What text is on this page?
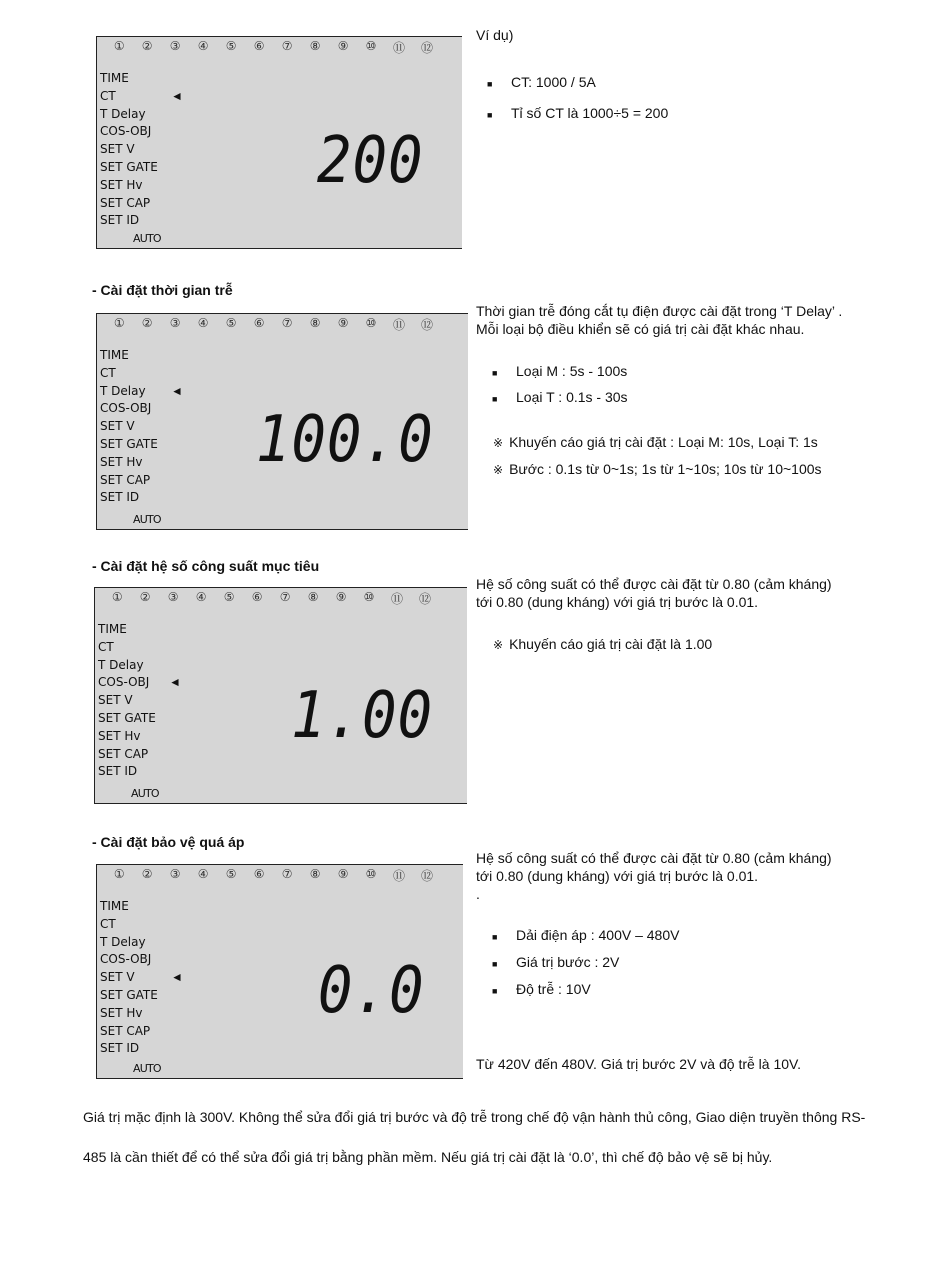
①	②	③	④	⑤	⑥	⑦	⑧	⑨	⑩	⑪	⑫
TIME
CT
T Delay
COS-OBJ
SET V
SET GATE
SET Hv
SET CAP
SET ID
◄
AUTO
200
①	②	③	④	⑤	⑥	⑦	⑧	⑨	⑩	⑪	⑫
TIME
CT
T Delay
COS-OBJ
SET V
SET GATE
SET Hv
SET CAP
SET ID
◄
AUTO
100.0
①	②	③	④	⑤	⑥	⑦	⑧	⑨	⑩	⑪	⑫
TIME
CT
T Delay
COS-OBJ
SET V
SET GATE
SET Hv
SET CAP
SET ID
◄
AUTO
1.00
①	②	③	④	⑤	⑥	⑦	⑧	⑨	⑩	⑪	⑫
TIME
CT
T Delay
COS-OBJ
SET V
SET GATE
SET Hv
SET CAP
SET ID
◄
AUTO
0.0
Ví dụ)
■ CT: 1000 / 5A
■ Tỉ số CT là 1000÷5 = 200
- Cài đặt thời gian trễ
Thời gian trễ đóng cắt tụ điện được cài đặt trong ‘T Delay’ .
Mỗi loại bộ điều khiển sẽ có giá trị cài đặt khác nhau.
■ Loại M : 5s - 100s
■ Loại T : 0.1s - 30s
※ Khuyến cáo giá trị cài đặt : Loại M: 10s, Loại T: 1s
※ Bước : 0.1s từ 0~1s; 1s từ 1~10s; 10s từ 10~100s
- Cài đặt hệ số công suất mục tiêu
Hệ số công suất có thể được cài đặt từ 0.80 (cảm kháng)
tới 0.80 (dung kháng) với giá trị bước là 0.01.
※ Khuyến cáo giá trị cài đặt là 1.00
- Cài đặt bảo vệ quá áp
Hệ số công suất có thể được cài đặt từ 0.80 (cảm kháng)
tới 0.80 (dung kháng) với giá trị bước là 0.01.
.
■ Dải điện áp : 400V – 480V
■ Giá trị bước : 2V
■ Độ trễ : 10V
Từ 420V đến 480V. Giá trị bước 2V và độ trễ là 10V.
Giá trị mặc định là 300V. Không thể sửa đổi giá trị bước và độ trễ trong chế độ vận hành thủ công, Giao diện truyền thông RS-485 là cần thiết để có thể sửa đổi giá trị bằng phần mềm. Nếu giá trị cài đặt là ‘0.0’, thì chế độ bảo vệ sẽ bị hủy.
